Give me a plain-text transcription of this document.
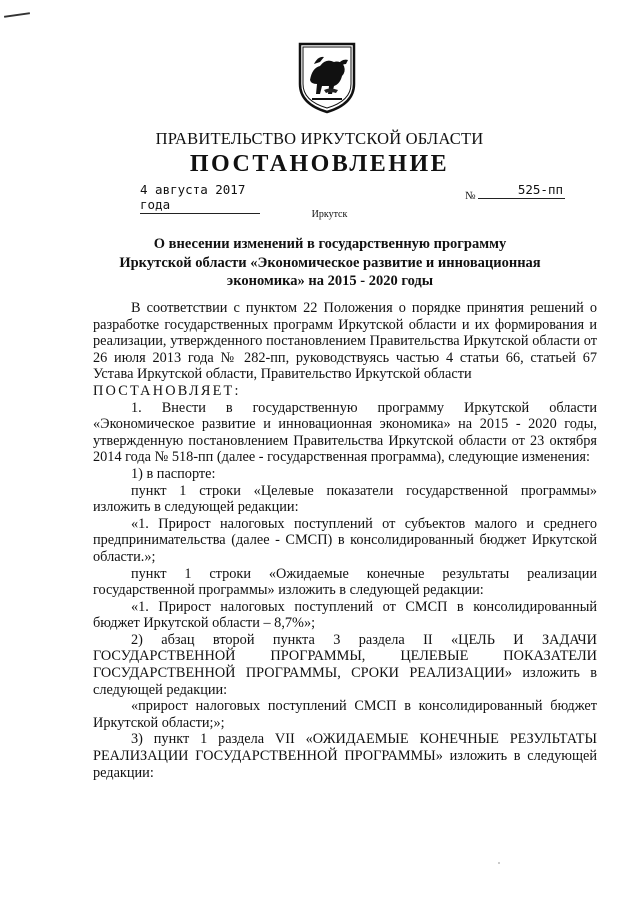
ПРАВИТЕЛЬСТВО ИРКУТСКОЙ ОБЛАСТИ
ПОСТАНОВЛЕНИЕ
4 августа 2017 года
№	525-пп
Иркутск
О внесении изменений в государственную программу
Иркутской области «Экономическое развитие и инновационная
экономика» на 2015 - 2020 годы

В соответствии с пунктом 22 Положения о порядке принятия решений о разработке государственных программ Иркутской области и их формирования и реализации, утвержденного постановлением Правительства Иркутской области от 26 июля 2013 года № 282-пп, руководствуясь частью 4 статьи 66, статьей 67 Устава Иркутской области, Правительство Иркутской области

ПОСТАНОВЛЯЕТ:

1. Внести в государственную программу Иркутской области «Экономическое развитие и инновационная экономика» на 2015 - 2020 годы, утвержденную постановлением Правительства Иркутской области от 23 октября 2014 года № 518-пп (далее - государственная программа), следующие изменения:

1) в паспорте:

пункт 1 строки «Целевые показатели государственной программы» изложить в следующей редакции:

«1. Прирост налоговых поступлений от субъектов малого и среднего предпринимательства (далее - СМСП) в консолидированный бюджет Иркутской области.»;

пункт 1 строки «Ожидаемые конечные результаты реализации государственной программы» изложить в следующей редакции:

«1. Прирост налоговых поступлений от СМСП в консолидированный бюджет Иркутской области – 8,7%»;

2) абзац второй пункта 3 раздела II «ЦЕЛЬ И ЗАДАЧИ ГОСУДАРСТВЕННОЙ ПРОГРАММЫ, ЦЕЛЕВЫЕ ПОКАЗАТЕЛИ ГОСУДАРСТВЕННОЙ ПРОГРАММЫ, СРОКИ РЕАЛИЗАЦИИ» изложить в следующей редакции:

«прирост налоговых поступлений СМСП в консолидированный бюджет Иркутской области;»;

3) пункт 1 раздела VII «ОЖИДАЕМЫЕ КОНЕЧНЫЕ РЕЗУЛЬТАТЫ РЕАЛИЗАЦИИ ГОСУДАРСТВЕННОЙ ПРОГРАММЫ» изложить в следующей редакции:
